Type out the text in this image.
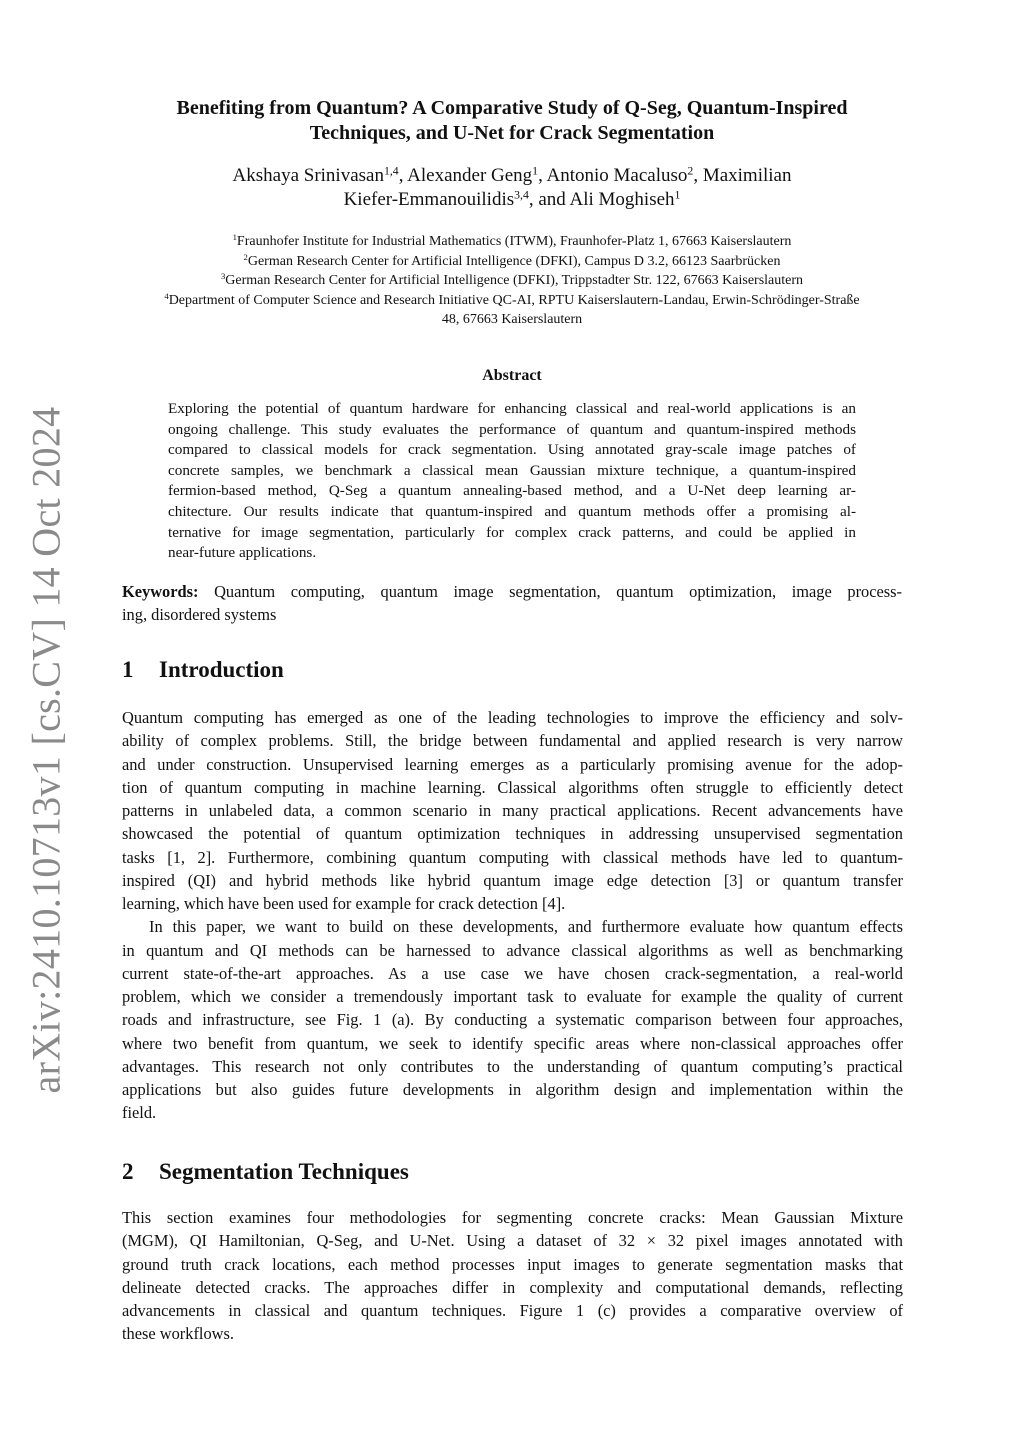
arXiv:2410.10713v1 [cs.CV] 14 Oct 2024
Benefiting from Quantum? A Comparative Study of Q-Seg, Quantum-Inspired
Techniques, and U-Net for Crack Segmentation
Akshaya Srinivasan$^{1,4}$, Alexander Geng$^1$, Antonio Macaluso$^2$, Maximilian
Kiefer-Emmanouilidis$^{3,4}$, and Ali Moghiseh$^1$
$^1$Fraunhofer Institute for Industrial Mathematics (ITWM), Fraunhofer-Platz 1, 67663 Kaiserslautern
$^2$German Research Center for Artificial Intelligence (DFKI), Campus D 3.2, 66123 Saarbrücken
$^3$German Research Center for Artificial Intelligence (DFKI), Trippstadter Str. 122, 67663 Kaiserslautern
$^4$Department of Computer Science and Research Initiative QC-AI, RPTU Kaiserslautern-Landau, Erwin-Schrödinger-Straße
48, 67663 Kaiserslautern
Abstract
Exploring the potential of quantum hardware for enhancing classical and real-world applications is an
ongoing challenge. This study evaluates the performance of quantum and quantum-inspired methods
compared to classical models for crack segmentation. Using annotated gray-scale image patches of
concrete samples, we benchmark a classical mean Gaussian mixture technique, a quantum-inspired
fermion-based method, Q-Seg a quantum annealing-based method, and a U-Net deep learning ar-
chitecture. Our results indicate that quantum-inspired and quantum methods offer a promising al-
ternative for image segmentation, particularly for complex crack patterns, and could be applied in
near-future applications.
Keywords: Quantum computing, quantum image segmentation, quantum optimization, image process-
ing, disordered systems
1 Introduction
Quantum computing has emerged as one of the leading technologies to improve the efficiency and solv-
ability of complex problems. Still, the bridge between fundamental and applied research is very narrow
and under construction. Unsupervised learning emerges as a particularly promising avenue for the adop-
tion of quantum computing in machine learning. Classical algorithms often struggle to efficiently detect
patterns in unlabeled data, a common scenario in many practical applications. Recent advancements have
showcased the potential of quantum optimization techniques in addressing unsupervised segmentation
tasks [1, 2]. Furthermore, combining quantum computing with classical methods have led to quantum-
inspired (QI) and hybrid methods like hybrid quantum image edge detection [3] or quantum transfer
learning, which have been used for example for crack detection [4].
In this paper, we want to build on these developments, and furthermore evaluate how quantum effects
in quantum and QI methods can be harnessed to advance classical algorithms as well as benchmarking
current state-of-the-art approaches. As a use case we have chosen crack-segmentation, a real-world
problem, which we consider a tremendously important task to evaluate for example the quality of current
roads and infrastructure, see Fig. 1 (a). By conducting a systematic comparison between four approaches,
where two benefit from quantum, we seek to identify specific areas where non-classical approaches offer
advantages. This research not only contributes to the understanding of quantum computing’s practical
applications but also guides future developments in algorithm design and implementation within the
field.
2 Segmentation Techniques
This section examines four methodologies for segmenting concrete cracks: Mean Gaussian Mixture
(MGM), QI Hamiltonian, Q-Seg, and U-Net. Using a dataset of 32 × 32 pixel images annotated with
ground truth crack locations, each method processes input images to generate segmentation masks that
delineate detected cracks. The approaches differ in complexity and computational demands, reflecting
advancements in classical and quantum techniques. Figure 1 (c) provides a comparative overview of
these workflows.
